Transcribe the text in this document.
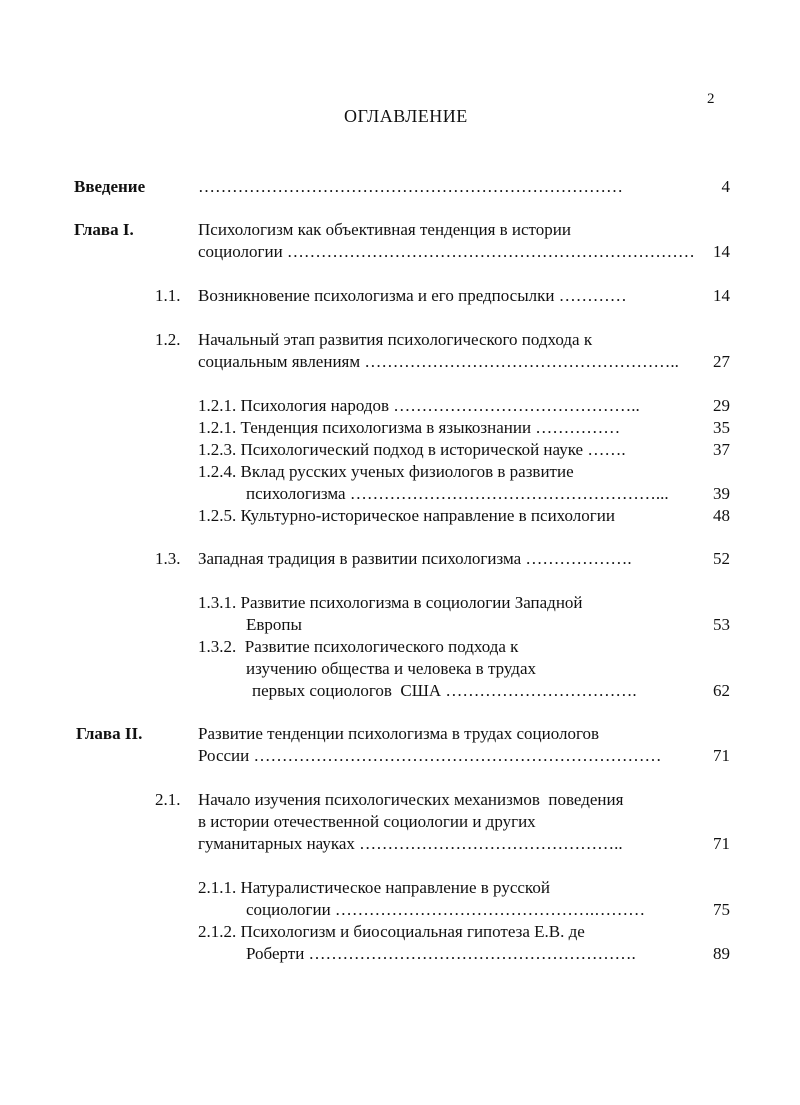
2
ОГЛАВЛЕНИЕ
Введение	…………………………………………………………………	4
Глава I.	Психологизм как объективная тенденция в истории
социологии ………………………………………………………………	14
1.1. Возникновение психологизма и его предпосылки …………	14
1.2. Начальный этап развития психологического подхода к
социальным явлениям ………………………………………………..	27
1.2.1. Психология народов ……………………………………..	29
1.2.1. Тенденция психологизма в языкознании ……………	35
1.2.3. Психологический подход в исторической науке …….	37
1.2.4. Вклад русских ученых физиологов в развитие
психологизма ………………………………………………...	39
1.2.5. Культурно-историческое направление в психологии	48
1.3. Западная традиция в развитии психологизма ……………….	52
1.3.1. Развитие психологизма в социологии Западной
Европы	53
1.3.2.  Развитие психологического подхода к
изучению общества и человека в трудах
первых социологов  США …………………………….	62
Глава II.	Развитие тенденции психологизма в трудах социологов
России ………………………………………………………………	71
2.1. Начало изучения психологических механизмов  поведения
в истории отечественной социологии и других
гуманитарных науках ………………………………………..	71
2.1.1. Натуралистическое направление в русской
социологии ……………………………………….………	75
2.1.2. Психологизм и биосоциальная гипотеза Е.В. де
Роберти ………………………………………………….	89
